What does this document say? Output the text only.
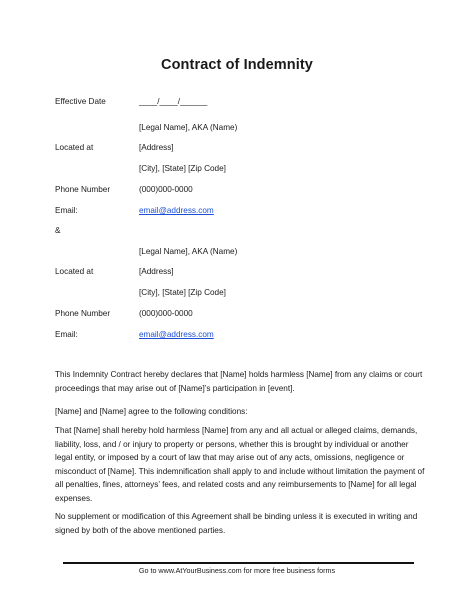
Contract of Indemnity
Effective Date	____/____/______
[Legal Name], AKA (Name)
Located at	[Address]
[City], [State] [Zip Code]
Phone Number	(000)000-0000
Email:	email@address.com
&
[Legal Name], AKA (Name)
Located at	[Address]
[City], [State] [Zip Code]
Phone Number	(000)000-0000
Email:	email@address.com
This Indemnity Contract hereby declares that [Name] holds harmless [Name] from any claims or court proceedings that may arise out of [Name]’s participation in [event].
[Name] and [Name] agree to the following conditions:
That [Name] shall hereby hold harmless [Name] from any and all actual or alleged claims, demands, liability, loss, and / or injury to property or persons, whether this is brought by individual or another legal entity, or imposed by a court of law that may arise out of any acts, omissions, negligence or misconduct of [Name]. This indemnification shall apply to and include without limitation the payment of all penalties, fines, attorneys’ fees, and related costs and any reimbursements to [Name] for all legal expenses.
No supplement or modification of this Agreement shall be binding unless it is executed in writing and signed by both of the above mentioned parties.
Go to www.AtYourBusiness.com for more free business forms
